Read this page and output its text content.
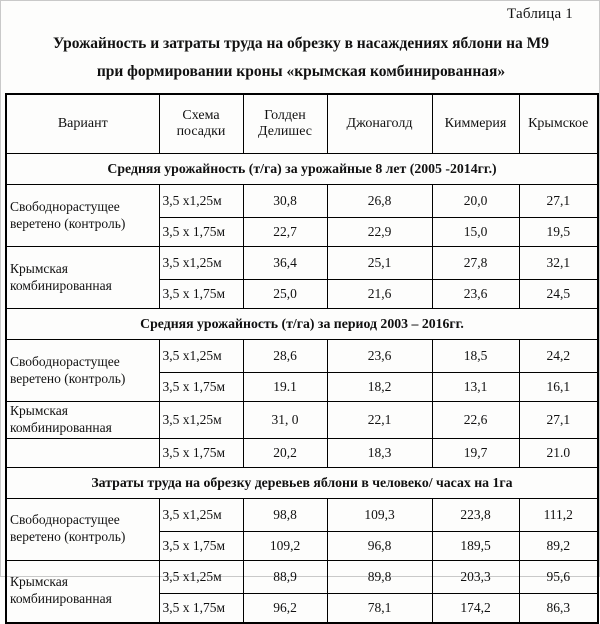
Таблица 1
Урожайность и затраты труда на обрезку в насаждениях яблони на М9
при формировании кроны «крымская комбинированная»
Вариант	Схема посадки	Голден Делишес	Джонаголд	Киммерия	Крымское
Средняя урожайность (т/га) за урожайные 8 лет (2005 -2014гг.)					
Свободнорастущее веретено (контроль)	3,5 х1,25м	30,8	26,8	20,0	27,1
	3,5 х 1,75м	22,7	22,9	15,0	19,5
Крымская комбинированная	3,5 х1,25м	36,4	25,1	27,8	32,1
	3,5 х 1,75м	25,0	21,6	23,6	24,5
Средняя урожайность (т/га) за период 2003 – 2016гг.					
Свободнорастущее веретено (контроль)	3,5 х1,25м	28,6	23,6	18,5	24,2
	3,5 х 1,75м	19.1	18,2	13,1	16,1
Крымская комбинированная	3,5 х1,25м	31, 0	22,1	22,6	27,1
	3,5 х 1,75м	20,2	18,3	19,7	21.0
Затраты труда на обрезку деревьев яблони в человеко/ часах на 1га					
Свободнорастущее веретено (контроль)	3,5 х1,25м	98,8	109,3	223,8	111,2
	3,5 х 1,75м	109,2	96,8	189,5	89,2
Крымская комбинированная	3,5 х1,25м	88,9	89,8	203,3	95,6
	3,5 х 1,75м	96,2	78,1	174,2	86,3
